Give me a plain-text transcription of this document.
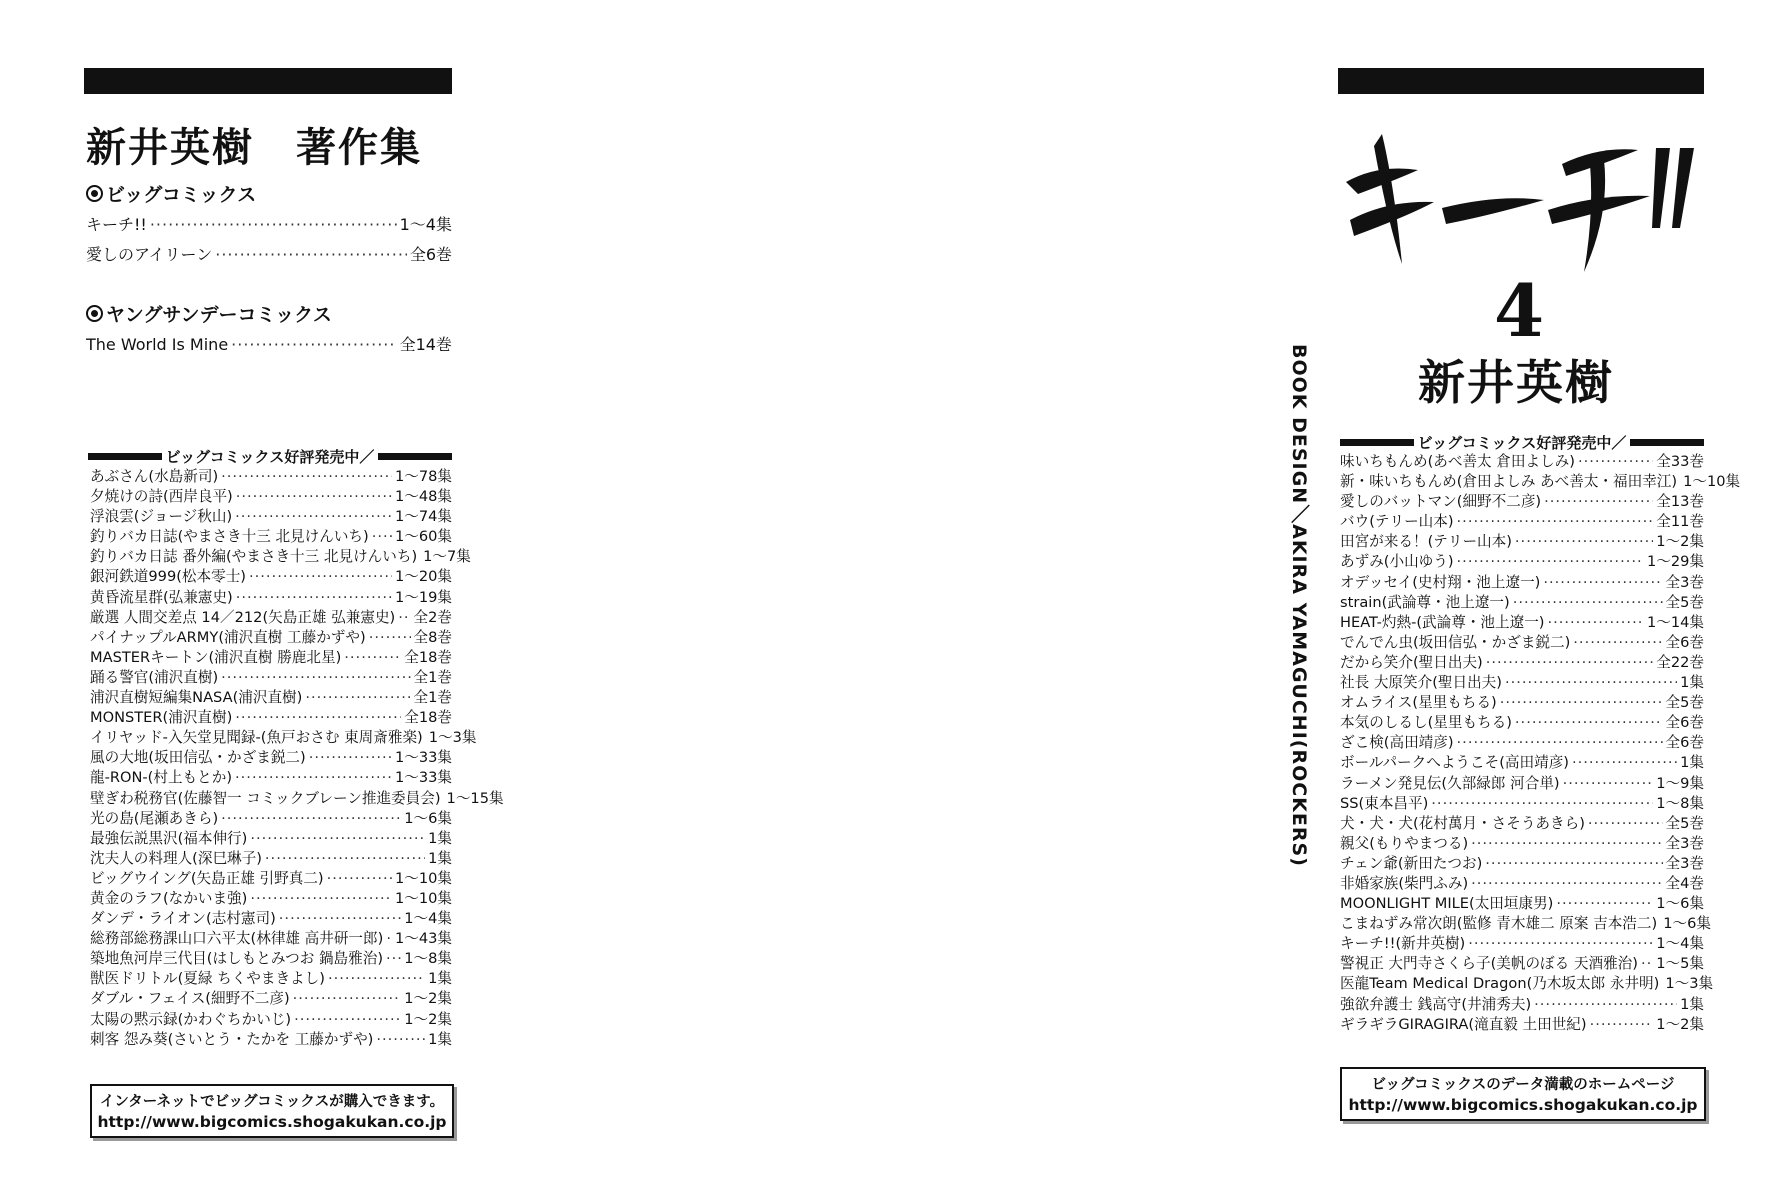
新井英樹　著作集
ビッグコミックス
キーチ!! ·····	1～4集
愛しのアイリーン ·····	全6巻
ヤングサンデーコミックス
The World Is Mine ·····	全14巻
ビッグコミックス好評発売中／
あぶさん(水島新司) ·····	1～78集
夕焼けの詩(西岸良平) ·····	1～48集
浮浪雲(ジョージ秋山) ·····	1～74集
釣りバカ日誌(やまさき十三 北見けんいち) ····· 1～60集
釣りバカ日誌 番外編(やまさき十三 北見けんいち) 1～7集
銀河鉄道999(松本零士) ·····	1～20集
黄昏流星群(弘兼憲史) ·····	1～19集
厳選 人間交差点 14／212(矢島正雄 弘兼憲史) ····· 全2巻
パイナップルARMY(浦沢直樹 工藤かずや) ·····	全8巻
MASTERキートン(浦沢直樹 勝鹿北星) ·····	全18巻
踊る警官(浦沢直樹) ·····	全1巻
浦沢直樹短編集NASA(浦沢直樹) ·····	全1巻
MONSTER(浦沢直樹) ·····	全18巻
イリヤッド-入矢堂見聞録-(魚戸おさむ 東周斎雅楽) 1～3集
風の大地(坂田信弘・かざま鋭二) ·····	1～33集
龍-RON-(村上もとか) ·····	1～33集
壁ぎわ税務官(佐藤智一 コミックブレーン推進委員会) 1～15集
光の島(尾瀬あきら) ·····	1～6集
最強伝説黒沢(福本伸行) ·····	1集
沈夫人の料理人(深巳琳子) ·····	1集
ビッグウイング(矢島正雄 引野真二) ·····	1～10集
黄金のラフ(なかいま強) ·····	1～10集
ダンデ・ライオン(志村憲司) ·····	1～4集
総務部総務課山口六平太(林律雄 高井研一郎) ····· 1～43集
築地魚河岸三代目(はしもとみつお 鍋島雅治) ····· 1～8集
獣医ドリトル(夏緑 ちくやまきよし) ·····	1集
ダブル・フェイス(細野不二彦) ·····	1～2集
太陽の黙示録(かわぐちかいじ) ·····	1～2集
刺客 怨み葵(さいとう・たかを 工藤かずや) ·····	1集
インターネットでビッグコミックスが購入できます。
http://www.bigcomics.shogakukan.co.jp
4
新井英樹
BOOK DESIGN／AKIRA YAMAGUCHI(ROCKERS)	ビッグコミックス好評発売中／
味いちもんめ(あべ善太 倉田よしみ) ·····	全33巻
新・味いちもんめ(倉田よしみ あべ善太・福田幸江) 1～10集
愛しのバットマン(細野不二彦) ·····	全13巻
バウ(テリー山本) ·····	全11巻
田宮が来る！(テリー山本) ·····	1～2集
あずみ(小山ゆう) ·····	1～29集
オデッセイ(史村翔・池上遼一) ·····	全3巻
strain(武論尊・池上遼一) ·····	全5巻
HEAT-灼熱-(武論尊・池上遼一) ·····	1～14集
でんでん虫(坂田信弘・かざま鋭二) ·····	全6巻
だから笑介(聖日出夫) ·····	全22巻
社長 大原笑介(聖日出夫) ·····	1集
オムライス(星里もちる) ·····	全5巻
本気のしるし(星里もちる) ·····	全6巻
ざこ検(高田靖彦) ·····	全6巻
ボールパークへようこそ(高田靖彦) ·····	1集
ラーメン発見伝(久部緑郎 河合単) ·····	1～9集
SS(東本昌平) ·····	1～8集
犬・犬・犬(花村萬月・さそうあきら) ·····	全5巻
親父(もりやまつる) ·····	全3巻
チェン爺(新田たつお) ·····	全3巻
非婚家族(柴門ふみ) ·····	全4巻
MOONLIGHT MILE(太田垣康男) ·····	1～6集
こまねずみ常次朗(監修 青木雄二 原案 吉本浩二) 1～6集
キーチ!!(新井英樹) ·····	1～4集
警視正 大門寺さくら子(美帆のぼる 天酒雅治) ····· 1～5集
医龍Team Medical Dragon(乃木坂太郎 永井明) 1～3集
強欲弁護士 銭高守(井浦秀夫) ·····	1集
ギラギラGIRAGIRA(滝直毅 土田世紀) ·····	1～2集
ビッグコミックスのデータ満載のホームページ
http://www.bigcomics.shogakukan.co.jp
